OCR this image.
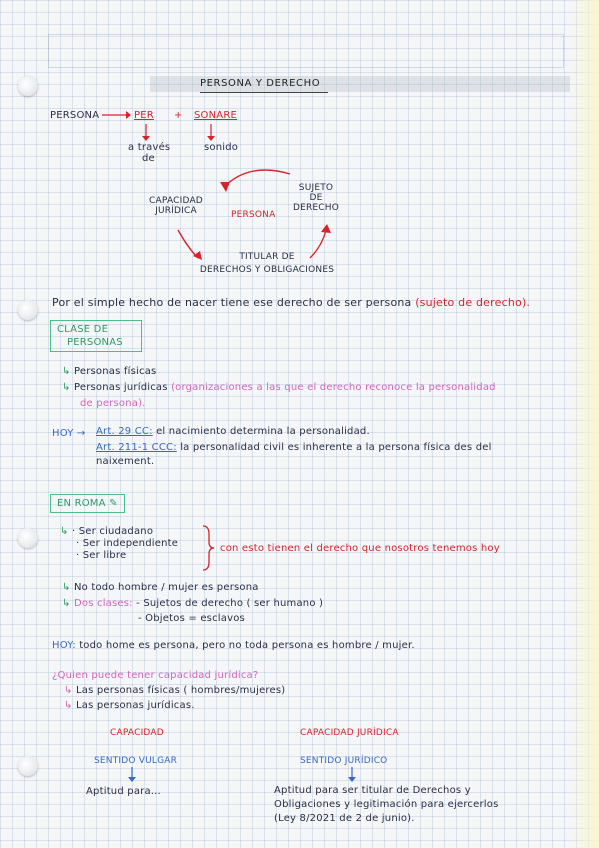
PERSONA Y DERECHO
PERSONA	PER + SONARE
a través
de
sonido
SUJETO
DE
DERECHO
CAPACIDAD
JURÍDICA	PERSONA
TITULAR DE
DERECHOS Y OBLIGACIONES
Por el simple hecho de nacer tiene ese derecho de ser persona (sujeto de derecho).
CLASE DE
PERSONAS
↳ Personas físicas
↳ Personas jurídicas (organizaciones a las que el derecho reconoce la personalidad
de persona).
HOY → Art. 29 CC: el nacimiento determina la personalidad.
Art. 211-1 CCC: la personalidad civil es inherente a la persona física des del
naixement.
EN ROMA ✎
↳ · Ser ciudadano
· Ser independiente
· Ser libre
con esto tienen el derecho que nosotros tenemos hoy
↳ No todo hombre / mujer es persona
↳ Dos clases: - Sujetos de derecho ( ser humano )
- Objetos = esclavos
HOY: todo home es persona, pero no toda persona es hombre / mujer.
¿Quien puede tener capacidad jurídica?
↳ Las personas físicas ( hombres/mujeres)
↳ Las personas jurídicas.
CAPACIDAD	CAPACIDAD JURÍDICA
SENTIDO VULGAR	SENTIDO JURÍDICO
Aptitud para...	Aptitud para ser titular de Derechos y
Obligaciones y legitimación para ejercerlos
(Ley 8/2021 de 2 de junio).
